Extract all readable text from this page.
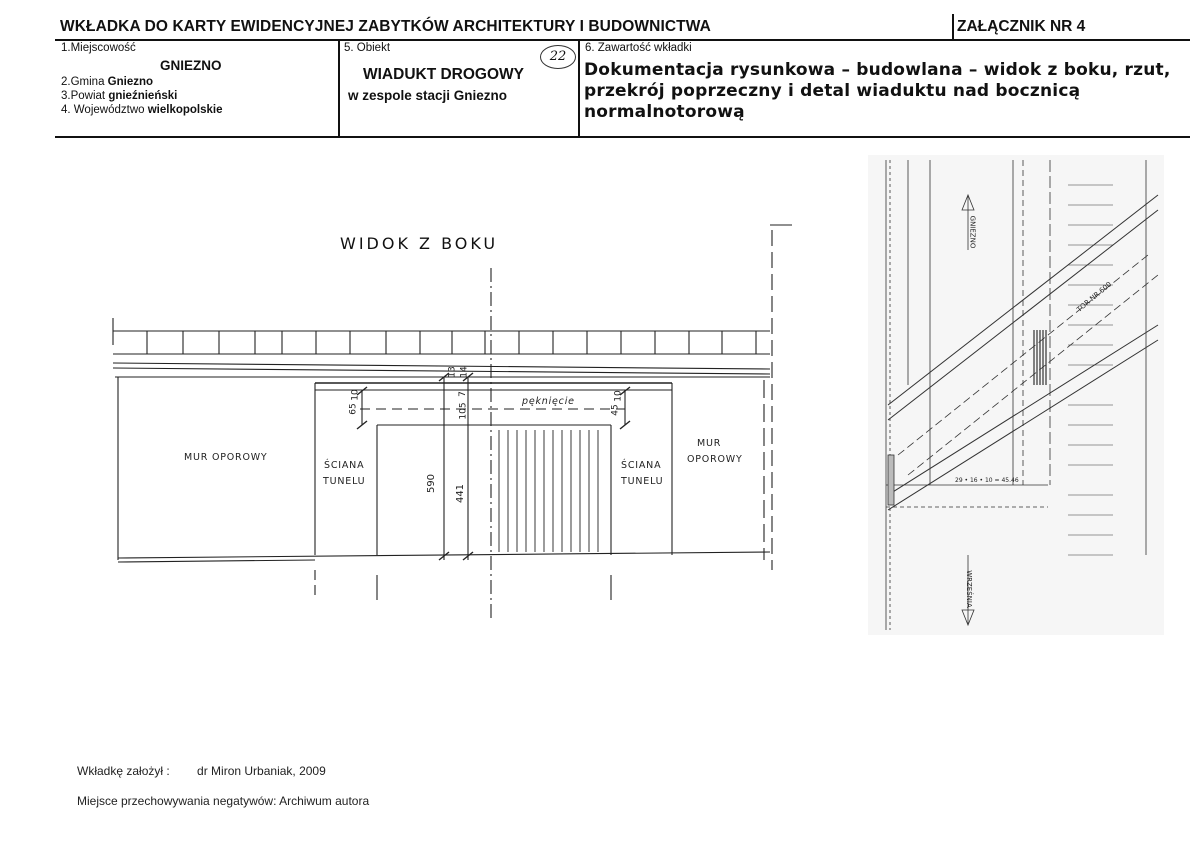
WKŁADKA DO KARTY EWIDENCYJNEJ ZABYTKÓW ARCHITEKTURY I BUDOWNICTWA	ZAŁĄCZNIK NR 4
1.Miejscowość
GNIEZNO
2.Gmina Gniezno
3.Powiat gnieźnieński
4. Województwo wielkopolskie
5. Obiekt
22
WIADUKT DROGOWY
w zespole stacji Gniezno
6. Zawartość wkładki
Dokumentacja rysunkowa – budowlana – widok z boku, rzut, przekrój poprzeczny i detal wiaduktu nad bocznicą normalnotorową
WIDOK Z BOKU
MUR OPOROWY
ŚCIANA
TUNELU
ŚCIANA
TUNELU
MUR
OPOROWY
pęknięcie
65
10
105
7
14
13
590
441
45
10
GNIEZNO
WRZEŚNIA
TOR NR 600
29 • 16 • 10 = 45.46
Wkładkę założył : dr Miron Urbaniak, 2009
Miejsce przechowywania negatywów: Archiwum autora
